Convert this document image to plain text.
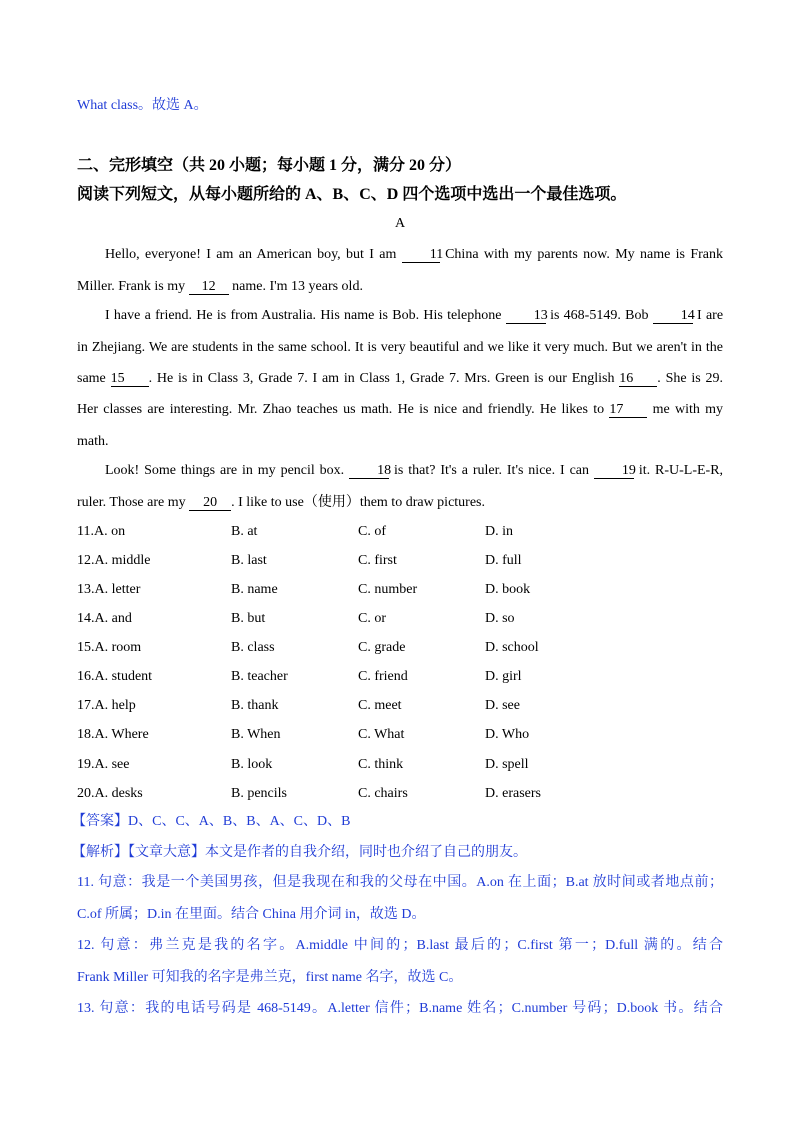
What class。故选 A。
二、完形填空（共 20 小题；每小题 1 分，满分 20 分）
阅读下列短文，从每小题所给的 A、B、C、D 四个选项中选出一个最佳选项。
A
Hello, everyone! I am an American boy, but I am 11 China with my parents now. My name is Frank
Miller. Frank is my 12 name. I'm 13 years old.
I have a friend. He is from Australia. His name is Bob. His telephone 13 is 468-5149. Bob 14 I are
in Zhejiang. We are students in the same school. It is very beautiful and we like it very much. But we aren't in the
same 15 . He is in Class 3, Grade 7. I am in Class 1, Grade 7. Mrs. Green is our English 16 . She is 29.
Her classes are interesting. Mr. Zhao teaches us math. He is nice and friendly. He likes to 17 me with my
math.
Look! Some things are in my pencil box. 18 is that? It's a ruler. It's nice. I can 19 it. R-U-L-E-R,
ruler. Those are my 20 . I like to use（使用）them to draw pictures.
11.A. on	B. at	C. of	D. in
12.A. middle	B. last	C. first	D. full
13.A. letter	B. name	C. number	D. book
14.A. and	B. but	C. or	D. so
15.A. room	B. class	C. grade	D. school
16.A. student	B. teacher	C. friend	D. girl
17.A. help	B. thank	C. meet	D. see
18.A. Where	B. When	C. What	D. Who
19.A. see	B. look	C. think	D. spell
20.A. desks	B. pencils	C. chairs	D. erasers
【答案】D、C、C、A、B、B、A、C、D、B
【解析】【文章大意】本文是作者的自我介绍，同时也介绍了自己的朋友。
11. 句意：我是一个美国男孩，但是我现在和我的父母在中国。A.on 在上面；B.at 放时间或者地点前；
C.of 所属；D.in 在里面。结合 China 用介词 in，故选 D。
12. 句意：弗兰克是我的名字。A.middle 中间的；B.last 最后的；C.first 第一；D.full 满的。结合
Frank Miller 可知我的名字是弗兰克，first name 名字，故选 C。
13. 句意：我的电话号码是 468-5149。A.letter 信件；B.name 姓名；C.number 号码；D.book 书。结合
